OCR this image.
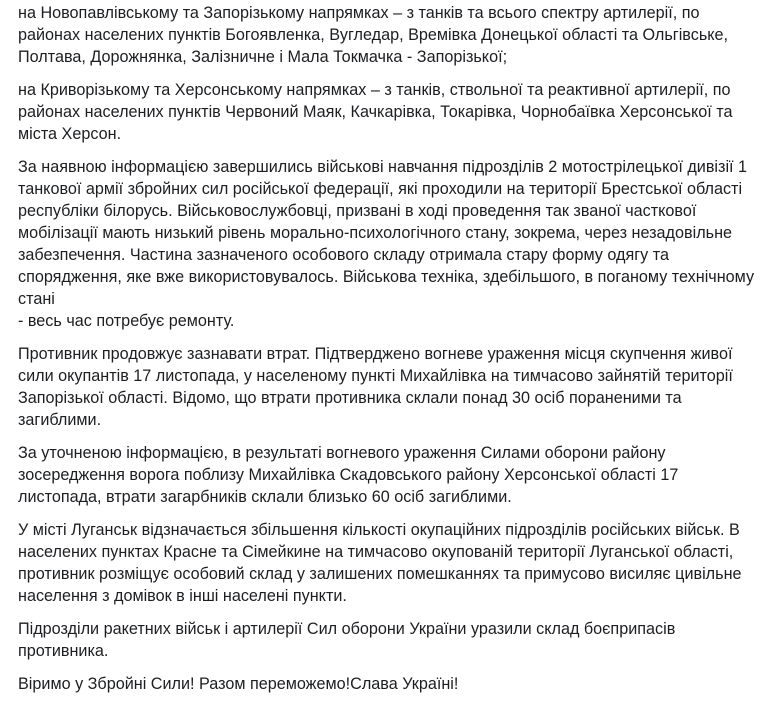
на Новопавлівському та Запорізькому напрямках – з танків та всього спектру артилерії, по районах населених пунктів Богоявленка, Вугледар, Времівка Донецької області та Ольгівське, Полтава, Дорожнянка, Залізничне і Мала Токмачка - Запорізької;
на Криворізькому та Херсонському напрямках – з танків, ствольної та реактивної артилерії, по районах населених пунктів Червоний Маяк, Качкарівка, Токарівка, Чорнобаївка Херсонської та міста Херсон.
За наявною інформацією завершились військові навчання підрозділів 2 мотострілецької дивізії 1 танкової армії збройних сил російської федерації, які проходили на території Брестської області республіки білорусь. Військовослужбовці, призвані в ході проведення так званої часткової мобілізації мають низький рівень морально-психологічного стану, зокрема, через незадовільне забезпечення. Частина зазначеного особового складу отримала стару форму одягу та спорядження, яке вже використовувалось. Військова техніка, здебільшого, в поганому технічному стані
- весь час потребує ремонту.
Противник продовжує зазнавати втрат. Підтверджено вогневе ураження місця скупчення живої сили окупантів 17 листопада, у населеному пункті Михайлівка на тимчасово зайнятій території Запорізької області. Відомо, що втрати противника склали понад 30 осіб пораненими та загиблими.
За уточненою інформацією, в результаті вогневого ураження Силами оборони району зосередження ворога поблизу Михайлівка Скадовського району Херсонської області 17 листопада, втрати загарбників склали близько 60 осіб загиблими.
У місті Луганськ відзначається збільшення кількості окупаційних підрозділів російських військ. В населених пунктах Красне та Сімейкине на тимчасово окупованій території Луганської області, противник розміщує особовий склад у залишених помешканнях та примусово висиляє цивільне населення з домівок в інші населені пункти.
Підрозділи ракетних військ і артилерії Сил оборони України уразили склад боєприпасів противника.
Віримо у Збройні Сили! Разом переможемо!Слава Україні!
